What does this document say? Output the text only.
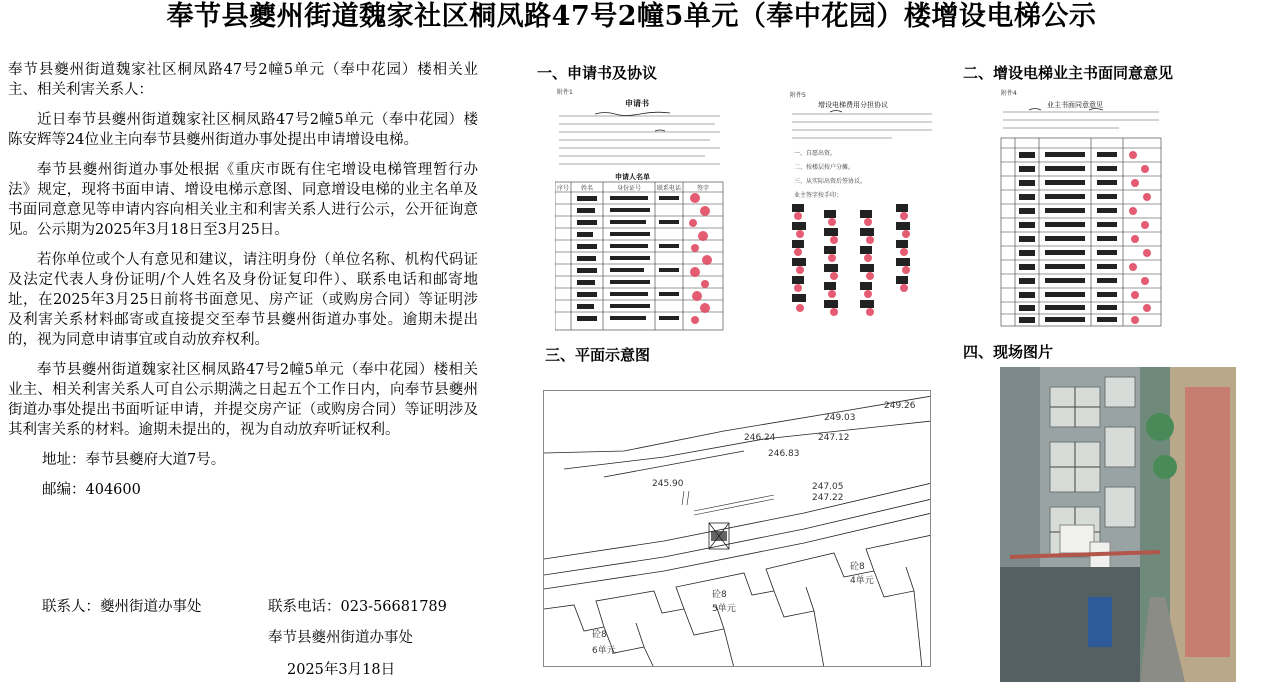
奉节县夔州街道魏家社区桐凤路47号2幢5单元（奉中花园）楼增设电梯公示

奉节县夔州街道魏家社区桐凤路47号2幢5单元（奉中花园）楼相关业主、相关利害关系人：

近日奉节县夔州街道魏家社区桐凤路47号2幢5单元（奉中花园）楼陈安辉等24位业主向奉节县夔州街道办事处提出申请增设电梯。

奉节县夔州街道办事处根据《重庆市既有住宅增设电梯管理暂行办法》规定，现将书面申请、增设电梯示意图、同意增设电梯的业主名单及书面同意意见等申请内容向相关业主和利害关系人进行公示，公开征询意见。公示期为2025年3月18日至3月25日。

若你单位或个人有意见和建议，请注明身份（单位名称、机构代码证及法定代表人身份证明/个人姓名及身份证复印件）、联系电话和邮寄地址，在2025年3月25日前将书面意见、房产证（或购房合同）等证明涉及利害关系材料邮寄或直接提交至奉节县夔州街道办事处。逾期未提出的，视为同意申请事宜或自动放弃权利。

奉节县夔州街道魏家社区桐凤路47号2幢5单元（奉中花园）楼相关业主、相关利害关系人可自公示期满之日起五个工作日内，向奉节县夔州街道办事处提出书面听证申请，并提交房产证（或购房合同）等证明涉及其利害关系的材料。逾期未提出的，视为自动放弃听证权利。

地址：奉节县夔府大道7号。
邮编：404600
联系人：夔州街道办事处	联系电话：023-56681789
奉节县夔州街道办事处
2025年3月18日
一、申请书及协议	二、增设电梯业主书面同意意见
三、平面示意图	四、现场图片
附件1
申请书
申请人名单
序号	姓名	身份证号	联系电话	签字
附件5
增设电梯费用分担协议
一、自愿出资。
二、按楼层按户分摊。
三、从实际出资后签协议。
业主签字按手印：
附件4
业主书面同意意见
249.03
249.26
246.24	247.12
246.83
245.90	247.05
247.22
砼8
5单元
砼8
4单元
砼8
6单元
